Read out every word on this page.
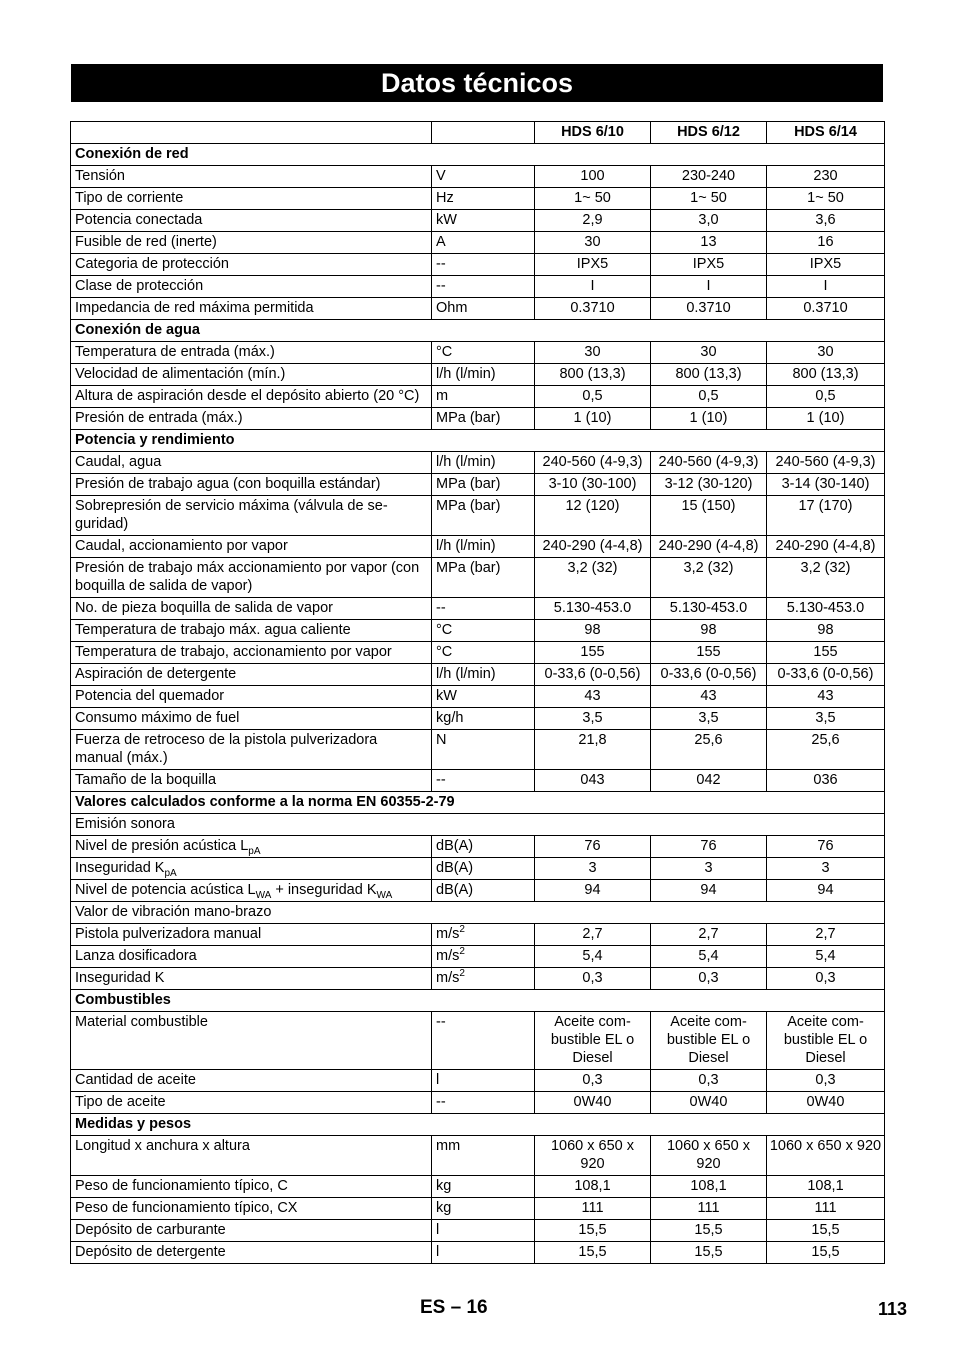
Datos técnicos
		HDS 6/10	HDS 6/12	HDS 6/14
Conexión de red				
Tensión	V	100	230-240	230
Tipo de corriente	Hz	1~ 50	1~ 50	1~ 50
Potencia conectada	kW	2,9	3,0	3,6
Fusible de red (inerte)	A	30	13	16
Categoria de protección	--	IPX5	IPX5	IPX5
Clase de protección	--	I	I	I
Impedancia de red máxima permitida	Ohm	0.3710	0.3710	0.3710
Conexión de agua				
Temperatura de entrada (máx.)	°C	30	30	30
Velocidad de alimentación (mín.)	l/h (l/min)	800 (13,3)	800 (13,3)	800 (13,3)
Altura de aspiración desde el depósito abierto (20 °C)	m	0,5	0,5	0,5
Presión de entrada (máx.)	MPa (bar)	1 (10)	1 (10)	1 (10)
Potencia y rendimiento				
Caudal, agua	l/h (l/min)	240-560 (4-9,3)	240-560 (4-9,3)	240-560 (4-9,3)
Presión de trabajo agua (con boquilla estándar)	MPa (bar)	3-10 (30-100)	3-12 (30-120)	3-14 (30-140)
Sobrepresión de servicio máxima (válvula de se-guridad)	MPa (bar)	12 (120)	15 (150)	17 (170)
Caudal, accionamiento por vapor	l/h (l/min)	240-290 (4-4,8)	240-290 (4-4,8)	240-290 (4-4,8)
Presión de trabajo máx accionamiento por vapor (con boquilla de salida de vapor)	MPa (bar)	3,2 (32)	3,2 (32)	3,2 (32)
No. de pieza boquilla de salida de vapor	--	5.130-453.0	5.130-453.0	5.130-453.0
Temperatura de trabajo máx. agua caliente	°C	98	98	98
Temperatura de trabajo, accionamiento por vapor	°C	155	155	155
Aspiración de detergente	l/h (l/min)	0-33,6 (0-0,56)	0-33,6 (0-0,56)	0-33,6 (0-0,56)
Potencia del quemador	kW	43	43	43
Consumo máximo de fuel	kg/h	3,5	3,5	3,5
Fuerza de retroceso de la pistola pulverizadora manual (máx.)	N	21,8	25,6	25,6
Tamaño de la boquilla	--	043	042	036
Valores calculados conforme a la norma EN 60355-2-79				
Emisión sonora				
Nivel de presión acústica $L_{pA}$	dB(A)	76	76	76
Inseguridad $K_{pA}$	dB(A)	3	3	3
Nivel de potencia acústica $L_{WA}$ + inseguridad $K_{WA}$	dB(A)	94	94	94
Valor de vibración mano-brazo				
Pistola pulverizadora manual	$m/s^2$	2,7	2,7	2,7
Lanza dosificadora	$m/s^2$	5,4	5,4	5,4
Inseguridad K	$m/s^2$	0,3	0,3	0,3
Combustibles				
Material combustible	--	Aceite com-bustible EL o Diesel	Aceite com-bustible EL o Diesel	Aceite com-bustible EL o Diesel
Cantidad de aceite	l	0,3	0,3	0,3
Tipo de aceite	--	0W40	0W40	0W40
Medidas y pesos				
Longitud x anchura x altura	mm	1060 x 650 x 920	1060 x 650 x 920	1060 x 650 x 920
Peso de funcionamiento típico, C	kg	108,1	108,1	108,1
Peso de funcionamiento típico, CX	kg	111	111	111
Depósito de carburante	l	15,5	15,5	15,5
Depósito de detergente	l	15,5	15,5	15,5
ES – 16	113
